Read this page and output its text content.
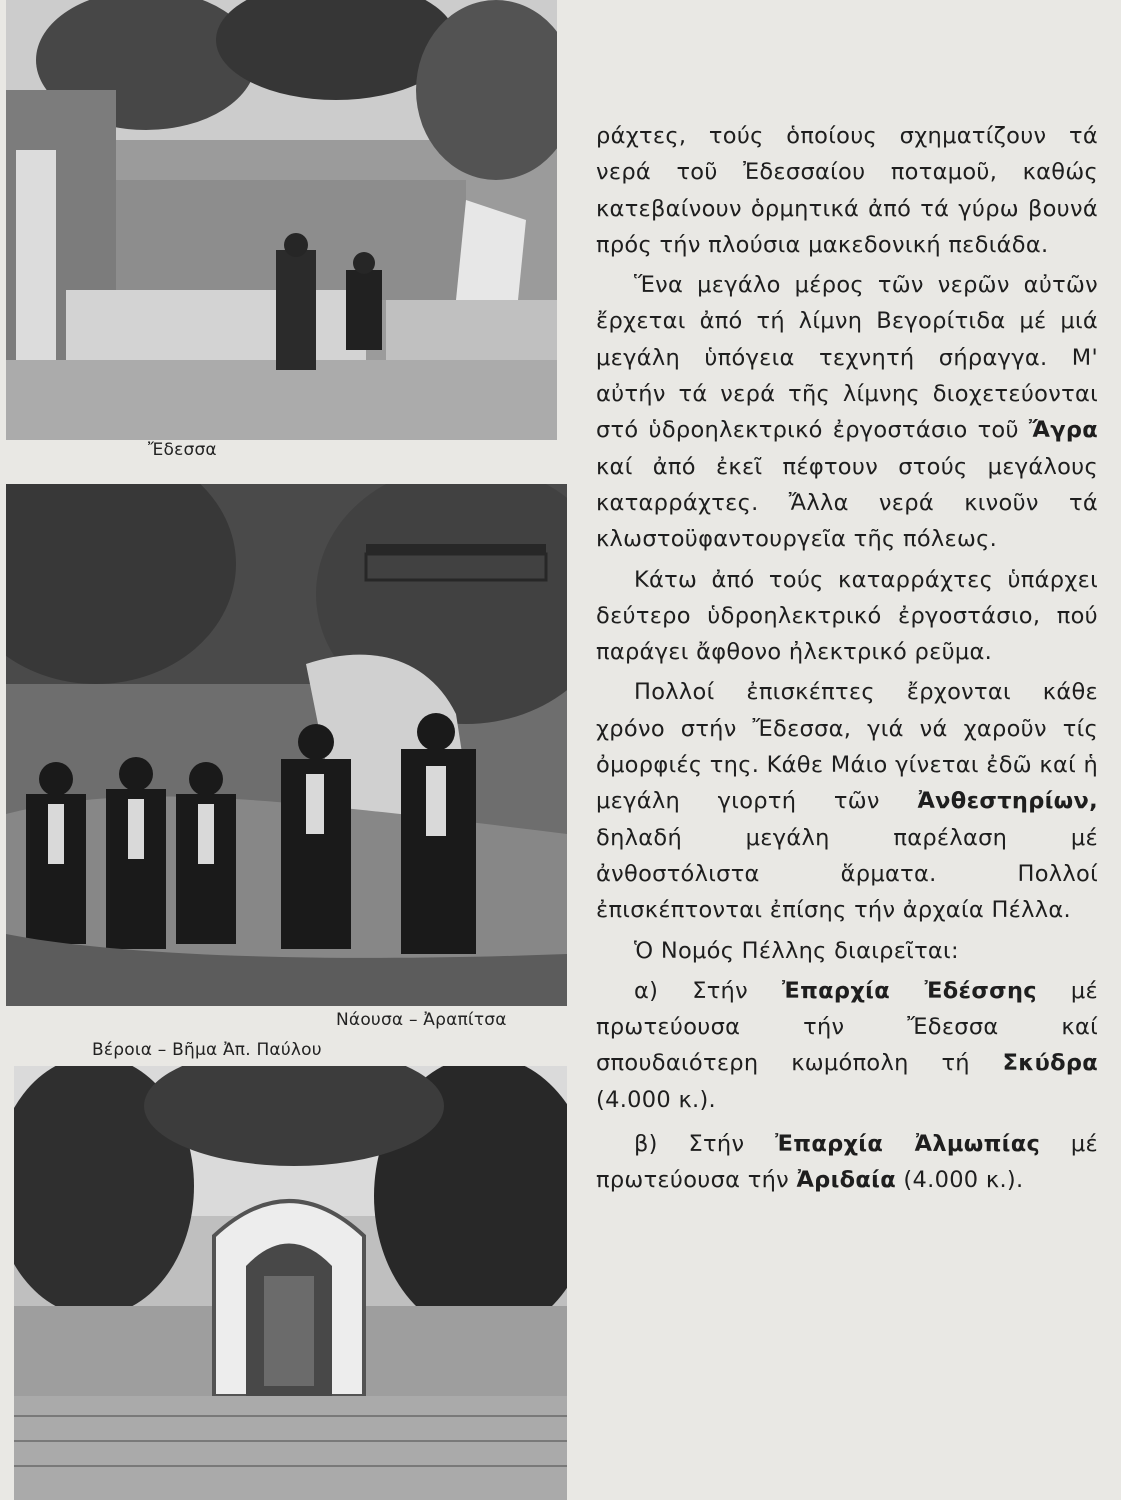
Ἔδεσσα
Νάουσα – Ἀραπίτσα
Βέροια – Βῆμα Ἀπ. Παύλου

ράχτες, τούς ὁποίους σχηματίζουν τά νερά τοῦ Ἐδεσσαίου ποταμοῦ, καθώς κατεβαίνουν ὁρμητικά ἀπό τά γύρω βουνά πρός τήν πλούσια μακεδονική πεδιάδα.

Ἕνα μεγάλο μέρος τῶν νερῶν αὐτῶν ἔρχεται ἀπό τή λίμνη Βεγορίτιδα μέ μιά μεγάλη ὑπόγεια τεχνητή σήραγγα. Μ' αὐτήν τά νερά τῆς λίμνης διοχετεύονται στό ὑδροηλεκτρικό ἐργοστάσιο τοῦ Ἄγρα καί ἀπό ἐκεῖ πέφτουν στούς μεγάλους καταρράχτες. Ἄλλα νερά κινοῦν τά κλωστοϋφαντουργεῖα τῆς πόλεως.

Κάτω ἀπό τούς καταρράχτες ὑπάρχει δεύτερο ὑδροηλεκτρικό ἐργοστάσιο, πού παράγει ἄφθονο ἠλεκτρικό ρεῦμα.

Πολλοί ἐπισκέπτες ἔρχονται κάθε χρόνο στήν Ἔδεσσα, γιά νά χαροῦν τίς ὀμορφιές της. Κάθε Μάιο γίνεται ἐδῶ καί ἡ μεγάλη γιορτή τῶν Ἀνθεστηρίων, δηλαδή μεγάλη παρέλαση μέ ἀνθοστόλιστα ἅρματα. Πολλοί ἐπισκέπτονται ἐπίσης τήν ἀρχαία Πέλλα.

Ὁ Νομός Πέλλης διαιρεῖται:

α) Στήν Ἐπαρχία Ἐδέσσης μέ πρωτεύουσα τήν Ἔδεσσα καί σπουδαιότερη κωμόπολη τή Σκύδρα (4.000 κ.).

β) Στήν Ἐπαρχία Ἀλμωπίας μέ πρωτεύουσα τήν Ἀριδαία (4.000 κ.).
